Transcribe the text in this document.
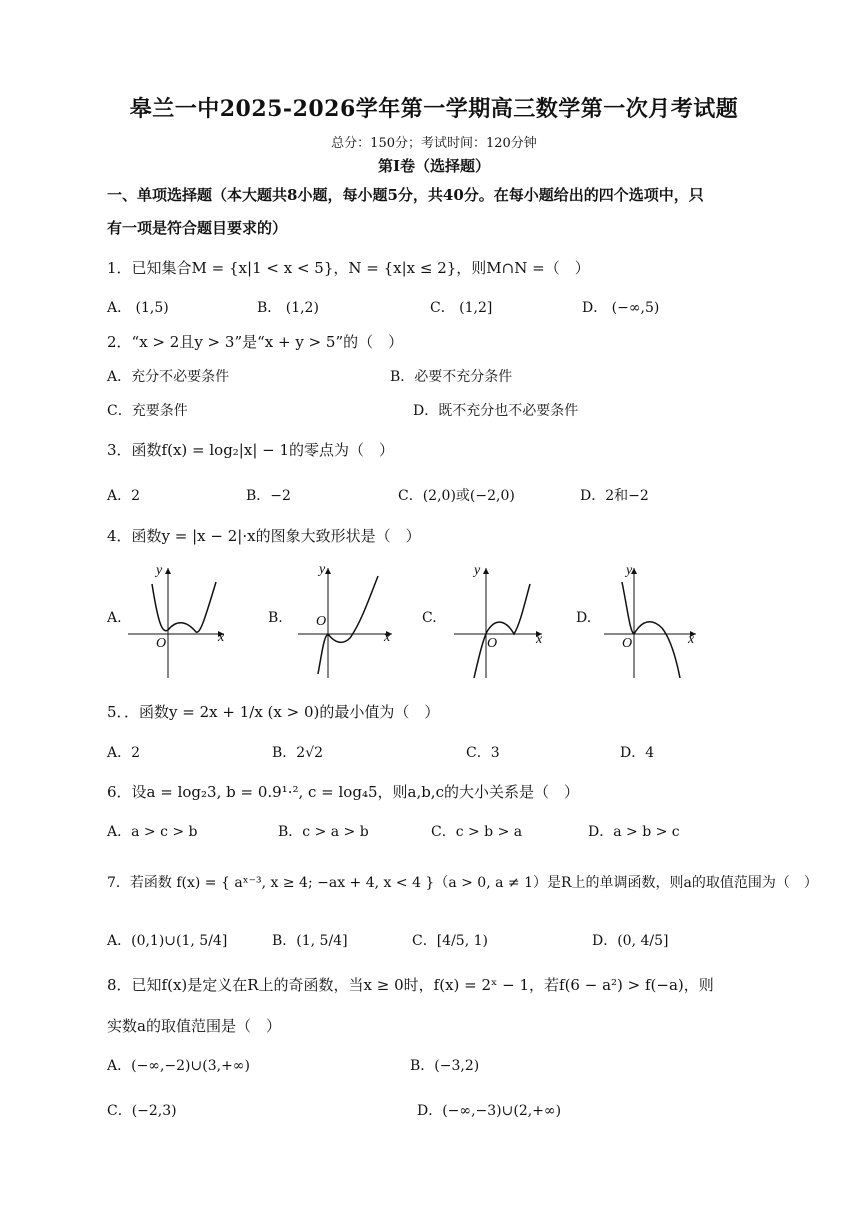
皋兰一中2025-2026学年第一学期高三数学第一次月考试题
总分：150分；考试时间：120分钟
第Ⅰ卷（选择题）
一、单项选择题（本大题共8小题，每小题5分，共40分。在每小题给出的四个选项中，只
有一项是符合题目要求的）
1．已知集合M = {x|1 < x < 5}，N = {x|x ≤ 2}，则M∩N =（　）
A． (1,5)	B． (1,2)	C． (1,2]	D． (−∞,5)
2．“x > 2且y > 3”是“x + y > 5”的（　）
A．充分不必要条件	B．必要不充分条件
C．充要条件	D．既不充分也不必要条件
3．函数f(x) = log₂|x| − 1的零点为（　）
A．2	B．−2	C．(2,0)或(−2,0)	D．2和−2
4．函数y = |x − 2|·x的图象大致形状是（　）
A.	B.	C.	D.
y
x
O
y
x
O
y
x
O
y
x
O
5．．函数y = 2x + 1/x (x > 0)的最小值为（　）
A．2	B．2√2	C．3	D．4
6．设a = log₂3, b = 0.9¹·², c = log₄5，则a,b,c的大小关系是（　）
A．a > c > b	B．c > a > b	C．c > b > a	D．a > b > c
7．若函数 f(x) = { aˣ⁻³, x ≥ 4; −ax + 4, x < 4 }（a > 0, a ≠ 1）是R上的单调函数，则a的取值范围为（　）
A．(0,1)∪(1, 5/4]	B．(1, 5/4]	C．[4/5, 1)	D．(0, 4/5]
8．已知f(x)是定义在R上的奇函数，当x ≥ 0时，f(x) = 2ˣ − 1，若f(6 − a²) > f(−a)，则
实数a的取值范围是（　）
A．(−∞,−2)∪(3,+∞)	B．(−3,2)
C．(−2,3)	D．(−∞,−3)∪(2,+∞)
